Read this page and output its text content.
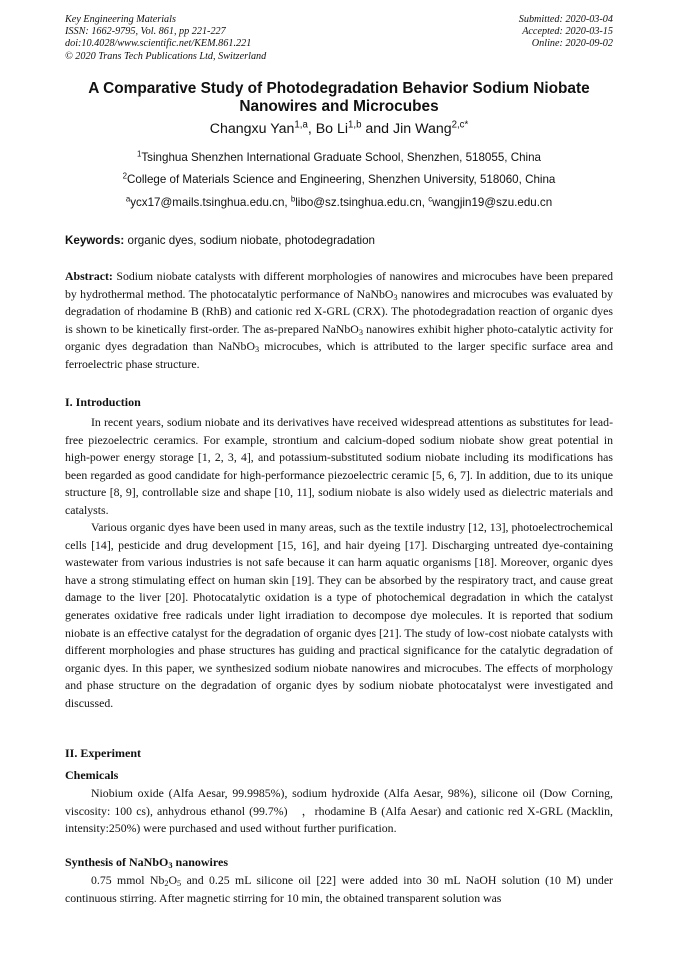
Key Engineering Materials
ISSN: 1662-9795, Vol. 861, pp 221-227
doi:10.4028/www.scientific.net/KEM.861.221
© 2020 Trans Tech Publications Ltd, Switzerland
Submitted: 2020-03-04
Accepted: 2020-03-15
Online: 2020-09-02
A Comparative Study of Photodegradation Behavior Sodium Niobate
Nanowires and Microcubes
Changxu Yan$^{1,a}$, Bo Li$^{1,b}$ and Jin Wang$^{2,c*}$
$^1$Tsinghua Shenzhen International Graduate School, Shenzhen, 518055, China
$^2$College of Materials Science and Engineering, Shenzhen University, 518060, China
$^a$ycx17@mails.tsinghua.edu.cn, $^b$libo@sz.tsinghua.edu.cn, $^c$wangjin19@szu.edu.cn
Keywords: organic dyes, sodium niobate, photodegradation

Abstract: Sodium niobate catalysts with different morphologies of nanowires and microcubes have been prepared by hydrothermal method. The photocatalytic performance of NaNbO$_3$ nanowires and microcubes was evaluated by degradation of rhodamine B (RhB) and cationic red X-GRL (CRX). The photodegradation reaction of organic dyes is shown to be kinetically first-order. The as-prepared NaNbO$_3$ nanowires exhibit higher photo-catalytic activity for organic dyes degradation than NaNbO$_3$ microcubes, which is attributed to the larger specific surface area and ferroelectric phase structure.

I. Introduction

In recent years, sodium niobate and its derivatives have received widespread attentions as substitutes for lead-free piezoelectric ceramics. For example, strontium and calcium-doped sodium niobate show great potential in high-power energy storage [1, 2, 3, 4], and potassium-substituted sodium niobate including its modifications has been regarded as good candidate for high-performance piezoelectric ceramic [5, 6, 7]. In addition, due to its unique structure [8, 9], controllable size and shape [10, 11], sodium niobate is also widely used as dielectric materials and catalysts.

Various organic dyes have been used in many areas, such as the textile industry [12, 13], photoelectrochemical cells [14], pesticide and drug development [15, 16], and hair dyeing [17]. Discharging untreated dye-containing wastewater from various industries is not safe because it can harm aquatic organisms [18]. Moreover, organic dyes have a strong stimulating effect on human skin [19]. They can be absorbed by the respiratory tract, and cause great damage to the liver [20]. Photocatalytic oxidation is a type of photochemical degradation in which the catalyst generates oxidative free radicals under light irradiation to decompose dye molecules. It is reported that sodium niobate is an effective catalyst for the degradation of organic dyes [21]. The study of low-cost niobate catalysts with different morphologies and phase structures has guiding and practical significance for the catalytic degradation of organic dyes. In this paper, we synthesized sodium niobate nanowires and microcubes. The effects of morphology and phase structure on the degradation of organic dyes by sodium niobate photocatalyst were investigated and discussed.

II. Experiment
Chemicals

Niobium oxide (Alfa Aesar, 99.9985%), sodium hydroxide (Alfa Aesar, 98%), silicone oil (Dow Corning, viscosity: 100 cs), anhydrous ethanol (99.7%)　，rhodamine B (Alfa Aesar) and cationic red X-GRL (Macklin, intensity:250%) were purchased and used without further purification.

Synthesis of NaNbO$_3$ nanowires

0.75 mmol $Nb_2O_5$ and 0.25 mL silicone oil [22] were added into 30 mL NaOH solution (10 M) under continuous stirring. After magnetic stirring for 10 min, the obtained transparent solution was
